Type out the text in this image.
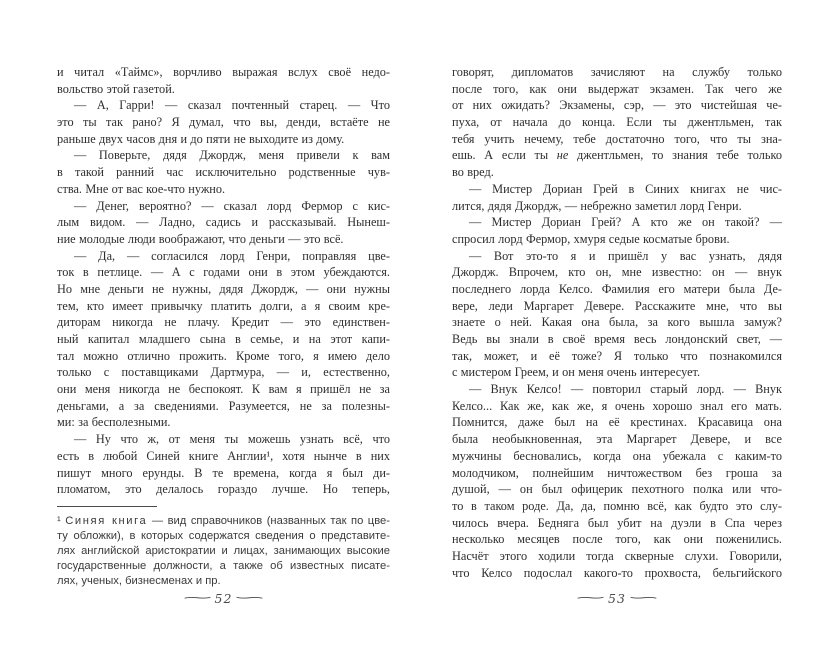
и читал «Таймс», ворчливо выражая вслух своё недо-
вольство этой газетой.
— А, Гарри! — сказал почтенный старец. — Что
это ты так рано? Я думал, что вы, денди, встаёте не
раньше двух часов дня и до пяти не выходите из дому.
— Поверьте, дядя Джордж, меня привели к вам
в такой ранний час исключительно родственные чув-
ства. Мне от вас кое-что нужно.
— Денег, вероятно? — сказал лорд Фермор с кис-
лым видом. — Ладно, садись и рассказывай. Нынеш-
ние молодые люди воображают, что деньги — это всё.
— Да, — согласился лорд Генри, поправляя цве-
ток в петлице. — А с годами они в этом убеждаются.
Но мне деньги не нужны, дядя Джордж, — они нужны
тем, кто имеет привычку платить долги, а я своим кре-
диторам никогда не плачу. Кредит — это единствен-
ный капитал младшего сына в семье, и на этот капи-
тал можно отлично прожить. Кроме того, я имею дело
только с поставщиками Дартмура, — и, естественно,
они меня никогда не беспокоят. К вам я пришёл не за
деньгами, а за сведениями. Разумеется, не за полезны-
ми: за бесполезными.
— Ну что ж, от меня ты можешь узнать всё, что
есть в любой Синей книге Англии¹, хотя нынче в них
пишут много ерунды. В те времена, когда я был ди-
пломатом, это делалось гораздо лучше. Но теперь,
¹ Синяя книга — вид справочников (названных так по цве-
ту обложки), в которых содержатся сведения о представите-
лях английской аристократии и лицах, занимающих высокие
государственные должности, а также об известных писате-
лях, ученых, бизнесменах и пр.
⁓ 52 ⁓
говорят, дипломатов зачисляют на службу только
после того, как они выдержат экзамен. Так чего же
от них ожидать? Экзамены, сэр, — это чистейшая че-
пуха, от начала до конца. Если ты джентльмен, так
тебя учить нечему, тебе достаточно того, что ты зна-
ешь. А если ты не джентльмен, то знания тебе только
во вред.
— Мистер Дориан Грей в Синих книгах не чис-
лится, дядя Джордж, — небрежно заметил лорд Генри.
— Мистер Дориан Грей? А кто же он такой? —
спросил лорд Фермор, хмуря седые косматые брови.
— Вот это-то я и пришёл у вас узнать, дядя
Джордж. Впрочем, кто он, мне известно: он — внук
последнего лорда Келсо. Фамилия его матери была Де-
вере, леди Маргарет Девере. Расскажите мне, что вы
знаете о ней. Какая она была, за кого вышла замуж?
Ведь вы знали в своё время весь лондонский свет, —
так, может, и её тоже? Я только что познакомился
с мистером Греем, и он меня очень интересует.
— Внук Келсо! — повторил старый лорд. — Внук
Келсо... Как же, как же, я очень хорошо знал его мать.
Помнится, даже был на её крестинах. Красавица она
была необыкновенная, эта Маргарет Девере, и все
мужчины бесновались, когда она убежала с каким-то
молодчиком, полнейшим ничтожеством без гроша за
душой, — он был офицерик пехотного полка или что-
то в таком роде. Да, да, помню всё, как будто это слу-
чилось вчера. Бедняга был убит на дуэли в Спа через
несколько месяцев после того, как они поженились.
Насчёт этого ходили тогда скверные слухи. Говорили,
что Келсо подослал какого-то прохвоста, бельгийского
⁓ 53 ⁓
